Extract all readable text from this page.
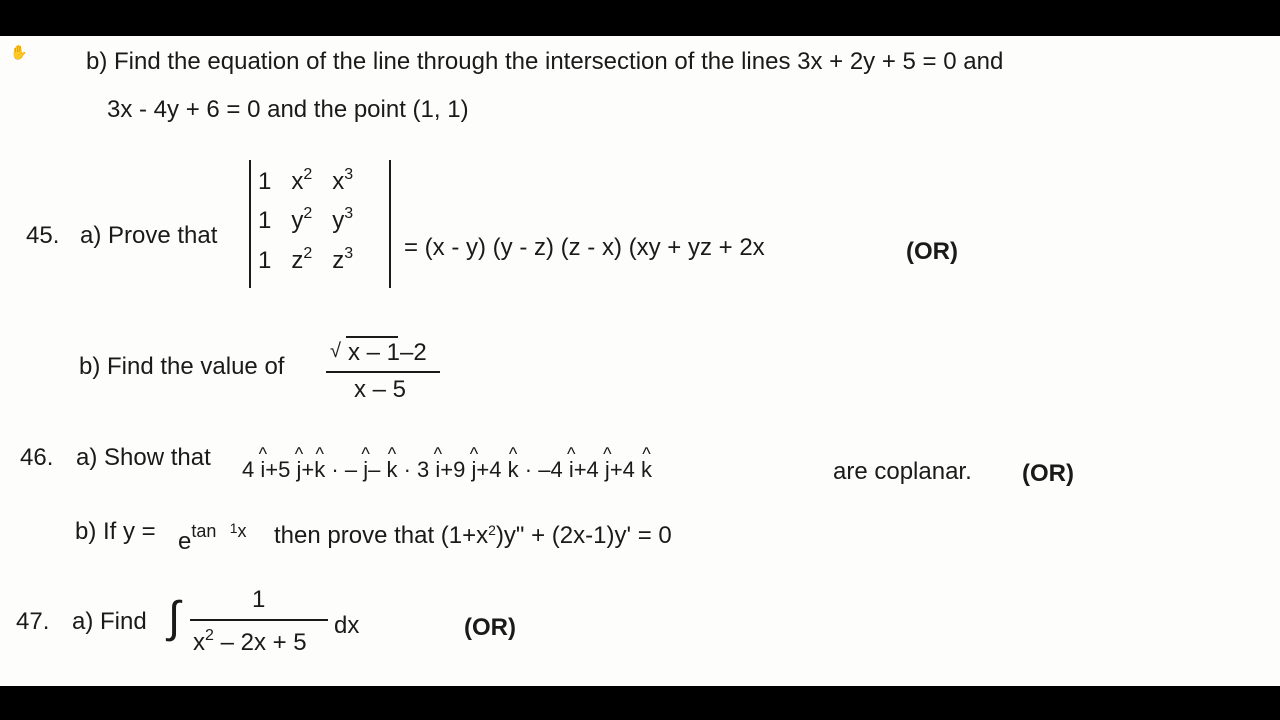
✋ b) Find the equation of the line through the intersection of the lines 3x + 2y + 5 = 0 and
3x - 4y + 6 = 0 and the point (1, 1)
45. a) Prove that
1 $x^2$ $x^3$
1 $y^2$ $y^3$
1 $z^2$ $z^3 = (x - y)$ (y - z) (z - x) (xy + yz + 2x	(OR)
b) Find the value of
√ x – 1–2
x – 5
46. a) Show that 4 ^ i+5 ^ j+^ k · – ^ j– ^ k · 3 ^ i+9 ^ j+4 ^ k · –4 ^ i+4 ^ j+4 ^ k	are coplanar. (OR)
b) If $y = e^{tan}$ $^{1x}$ then prove that $(1+x^2)y$" + (2x-1)y' = 0
47. a) Find ∫	1
$x^2 - 2x + 5$
dx	(OR)
